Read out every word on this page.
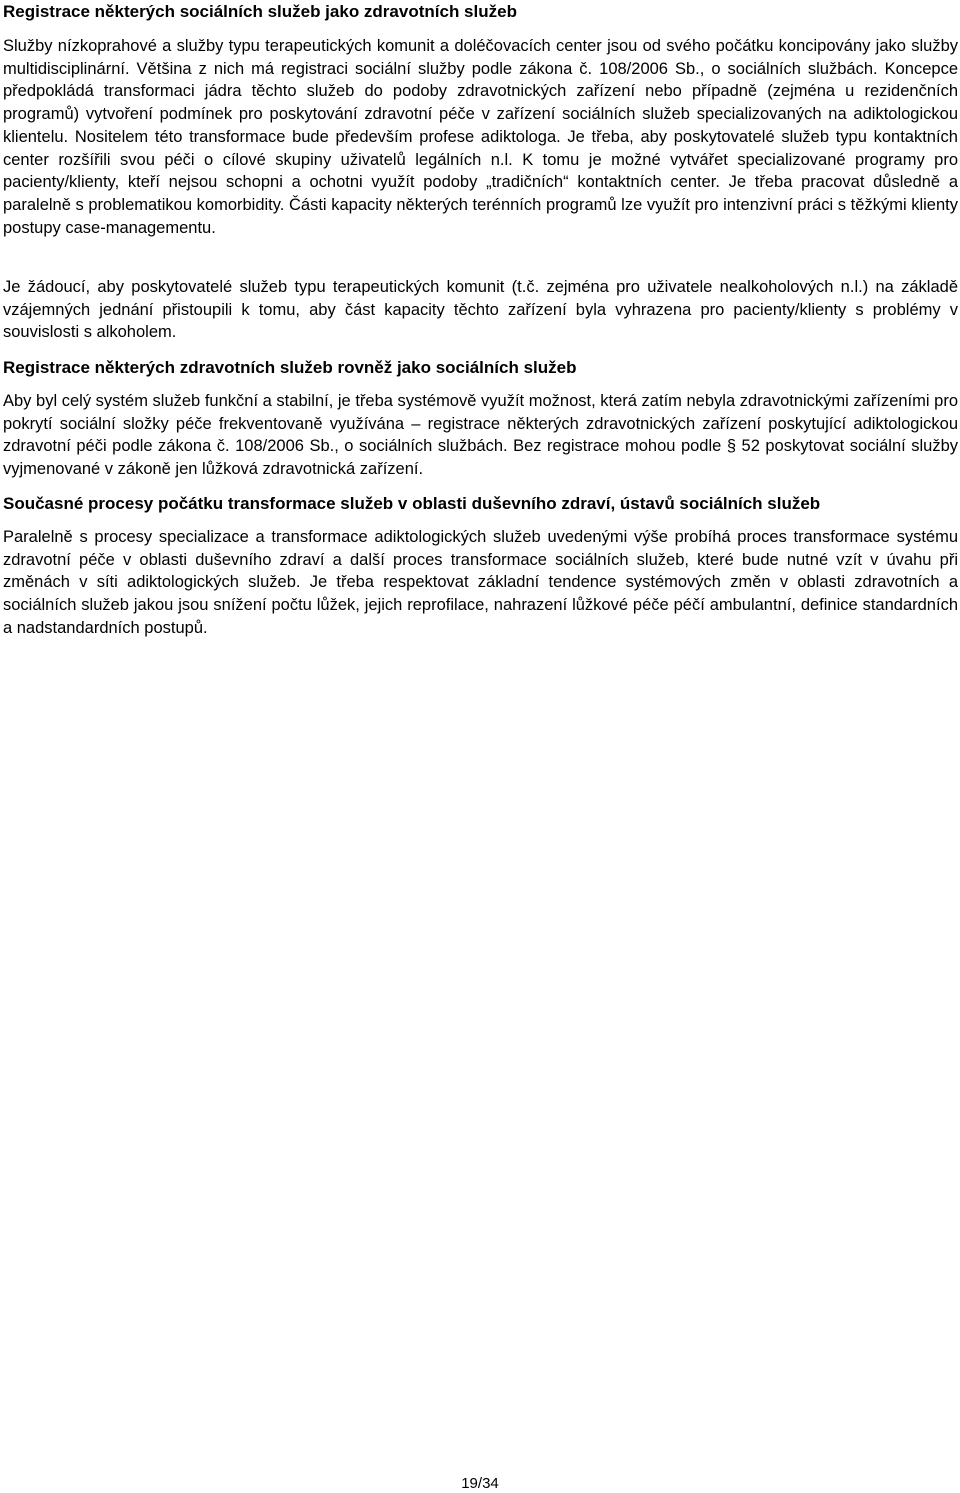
Registrace některých sociálních služeb jako zdravotních služeb

Služby nízkoprahové a služby typu terapeutických komunit a doléčovacích center jsou od svého počátku koncipovány jako služby multidisciplinární. Většina z nich má registraci sociální služby podle zákona č. 108/2006 Sb., o sociálních službách. Koncepce předpokládá transformaci jádra těchto služeb do podoby zdravotnických zařízení nebo případně (zejména u rezidenčních programů) vytvoření podmínek pro poskytování zdravotní péče v zařízení sociálních služeb specializovaných na adiktologickou klientelu. Nositelem této transformace bude především profese adiktologa. Je třeba, aby poskytovatelé služeb typu kontaktních center rozšířili svou péči o cílové skupiny uživatelů legálních n.l. K tomu je možné vytvářet specializované programy pro pacienty/klienty, kteří nejsou schopni a ochotni využít podoby „tradičních“ kontaktních center. Je třeba pracovat důsledně a paralelně s problematikou komorbidity. Části kapacity některých terénních programů lze využít pro intenzivní práci s těžkými klienty postupy case-managementu.

Je žádoucí, aby poskytovatelé služeb typu terapeutických komunit (t.č. zejména pro uživatele nealkoholových n.l.) na základě vzájemných jednání přistoupili k tomu, aby část kapacity těchto zařízení byla vyhrazena pro pacienty/klienty s problémy v souvislosti s alkoholem.

Registrace některých zdravotních služeb rovněž jako sociálních služeb

Aby byl celý systém služeb funkční a stabilní, je třeba systémově využít možnost, která zatím nebyla zdravotnickými zařízeními pro pokrytí sociální složky péče frekventovaně využívána – registrace některých zdravotnických zařízení poskytující adiktologickou zdravotní péči podle zákona č. 108/2006 Sb., o sociálních službách. Bez registrace mohou podle § 52 poskytovat sociální služby vyjmenované v zákoně jen lůžková zdravotnická zařízení.

Současné procesy počátku transformace služeb v oblasti duševního zdraví, ústavů sociálních služeb

Paralelně s procesy specializace a transformace adiktologických služeb uvedenými výše probíhá proces transformace systému zdravotní péče v oblasti duševního zdraví a další proces transformace sociálních služeb, které bude nutné vzít v úvahu při změnách v síti adiktologických služeb. Je třeba respektovat základní tendence systémových změn v oblasti zdravotních a sociálních služeb jakou jsou snížení počtu lůžek, jejich reprofilace, nahrazení lůžkové péče péčí ambulantní, definice standardních a nadstandardních postupů.

19/34
